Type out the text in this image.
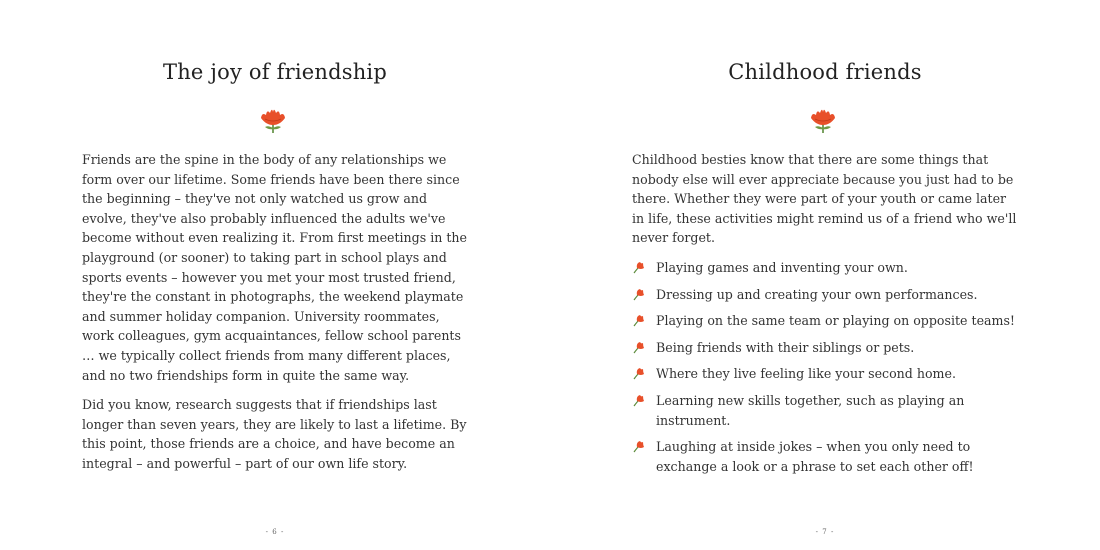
The joy of friendship

Friends are the spine in the body of any relationships we form over our lifetime. Some friends have been there since the beginning – they've not only watched us grow and evolve, they've also probably influenced the adults we've become without even realizing it. From first meetings in the playground (or sooner) to taking part in school plays and sports events – however you met your most trusted friend, they're the constant in photographs, the weekend playmate and summer holiday companion. University roommates, work colleagues, gym acquaintances, fellow school parents … we typically collect friends from many different places, and no two friendships form in quite the same way.

Did you know, research suggests that if friendships last longer than seven years, they are likely to last a lifetime. By this point, those friends are a choice, and have become an integral – and powerful – part of our own life story.

- 6 -
Childhood friends

Childhood besties know that there are some things that nobody else will ever appreciate because you just had to be there. Whether they were part of your youth or came later in life, these activities might remind us of a friend who we'll never forget.

Playing games and inventing your own.
Dressing up and creating your own performances.
Playing on the same team or playing on opposite teams!
Being friends with their siblings or pets.
Where they live feeling like your second home.
Learning new skills together, such as playing an instrument.
Laughing at inside jokes – when you only need to exchange a look or a phrase to set each other off!
- 7 -
